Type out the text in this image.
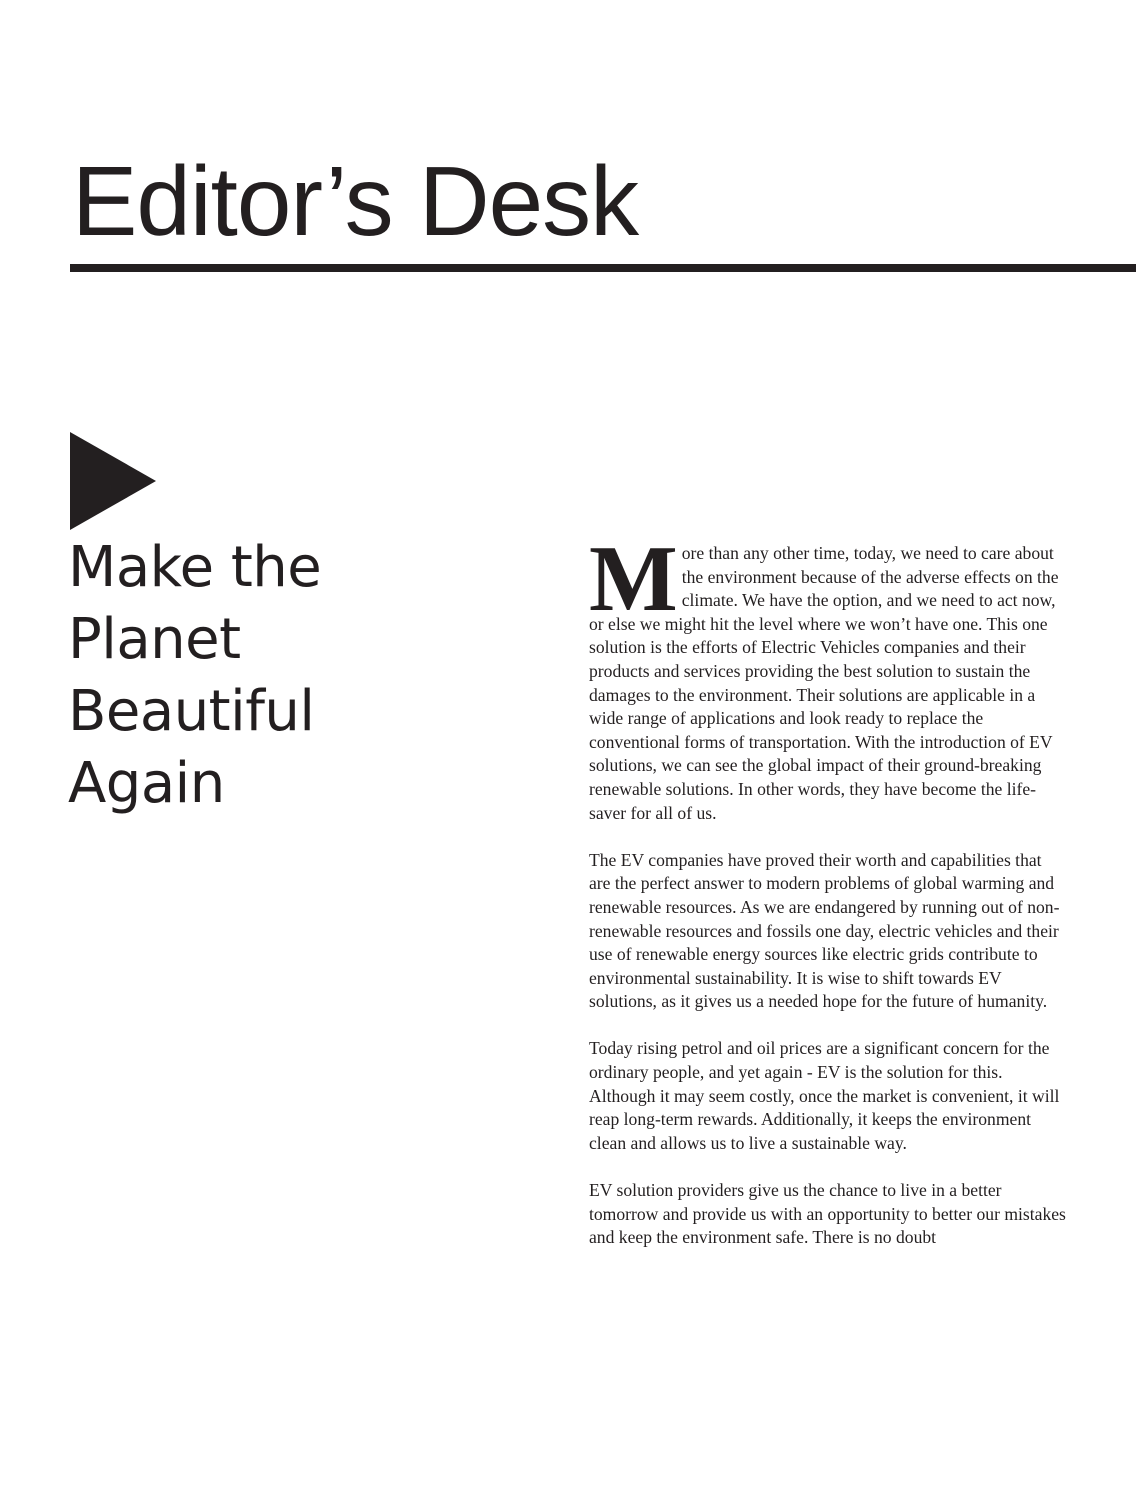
Editor’s Desk
Make the
Planet
Beautiful
Again

More than any other time, today, we need to care about the environment because of the adverse effects on the climate. We have the option, and we need to act now, or else we might hit the level where we won’t have one. This one solution is the efforts of Electric Vehicles companies and their products and services providing the best solution to sustain the damages to the environment. Their solutions are applicable in a wide range of applications and look ready to replace the conventional forms of transportation. With the introduction of EV solutions, we can see the global impact of their ground-breaking renewable solutions. In other words, they have become the life-saver for all of us.

The EV companies have proved their worth and capabilities that are the perfect answer to modern problems of global warming and renewable resources. As we are endangered by running out of non-renewable resources and fossils one day, electric vehicles and their use of renewable energy sources like electric grids contribute to environmental sustainability. It is wise to shift towards EV solutions, as it gives us a needed hope for the future of humanity.

Today rising petrol and oil prices are a significant concern for the ordinary people, and yet again - EV is the solution for this. Although it may seem costly, once the market is convenient, it will reap long-term rewards. Additionally, it keeps the environment clean and allows us to live a sustainable way.

EV solution providers give us the chance to live in a better tomorrow and provide us with an opportunity to better our mistakes and keep the environment safe. There is no doubt
